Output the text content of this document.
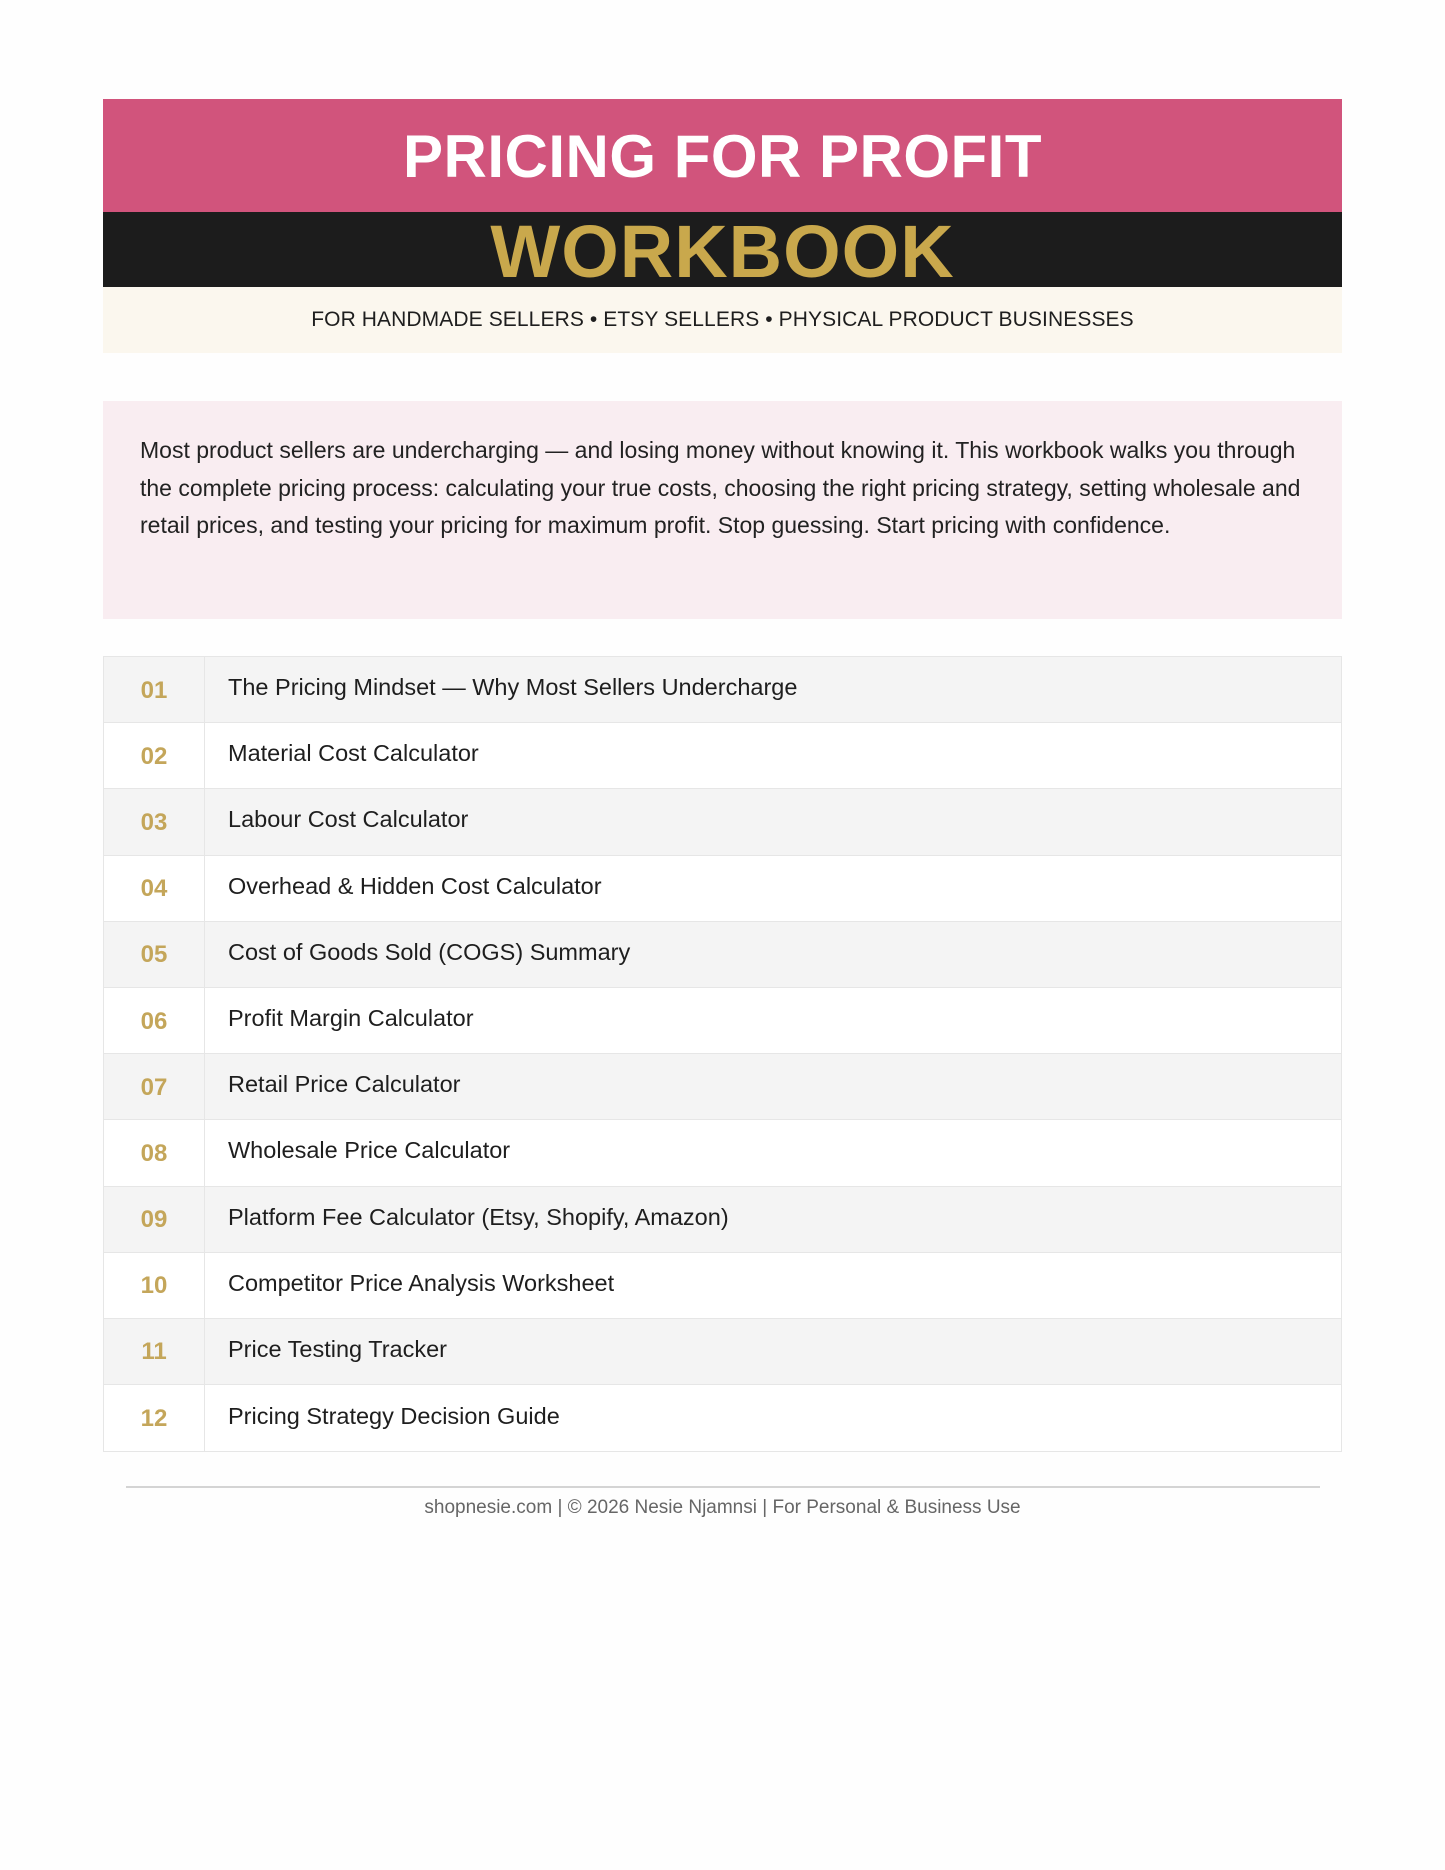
PRICING FOR PROFIT
WORKBOOK
FOR HANDMADE SELLERS • ETSY SELLERS • PHYSICAL PRODUCT BUSINESSES

Most product sellers are undercharging — and losing money without knowing it. This workbook walks you through the complete pricing process: calculating your true costs, choosing the right pricing strategy, setting wholesale and retail prices, and testing your pricing for maximum profit. Stop guessing. Start pricing with confidence.

01	The Pricing Mindset — Why Most Sellers Undercharge
02	Material Cost Calculator
03	Labour Cost Calculator
04	Overhead & Hidden Cost Calculator
05	Cost of Goods Sold (COGS) Summary
06	Profit Margin Calculator
07	Retail Price Calculator
08	Wholesale Price Calculator
09	Platform Fee Calculator (Etsy, Shopify, Amazon)
10	Competitor Price Analysis Worksheet
11	Price Testing Tracker
12	Pricing Strategy Decision Guide
shopnesie.com | © 2026 Nesie Njamnsi | For Personal & Business Use
